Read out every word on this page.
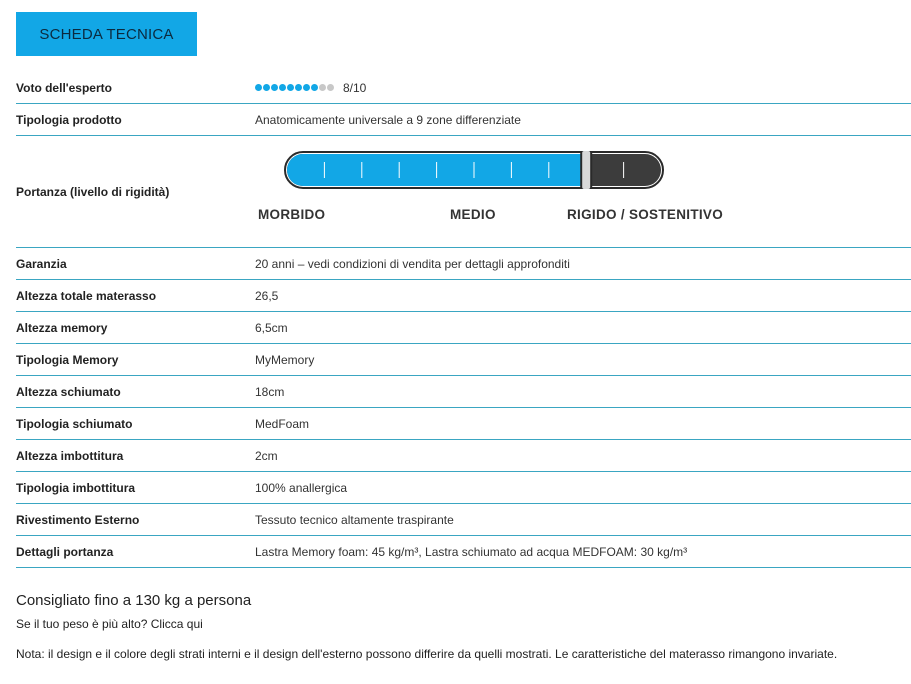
SCHEDA TECNICA
Voto dell'esperto	8/10
Tipologia prodotto	Anatomicamente universale a 9 zone differenziate
Portanza (livello di rigidità)	MORBIDO MEDIO RIGIDO / SOSTENITIVO

Garanzia	20 anni – vedi condizioni di vendita per dettagli approfonditi
Altezza totale materasso	26,5
Altezza memory	6,5cm
Tipologia Memory	MyMemory
Altezza schiumato	18cm
Tipologia schiumato	MedFoam
Altezza imbottitura	2cm
Tipologia imbottitura	100% anallergica
Rivestimento Esterno	Tessuto tecnico altamente traspirante
Dettagli portanza	Lastra Memory foam: 45 kg/m³, Lastra schiumato ad acqua MEDFOAM: 30 kg/m³
Consigliato fino a 130 kg a persona
Se il tuo peso è più alto? Clicca qui
Nota: il design e il colore degli strati interni e il design dell'esterno possono differire da quelli mostrati. Le caratteristiche del materasso rimangono invariate.
